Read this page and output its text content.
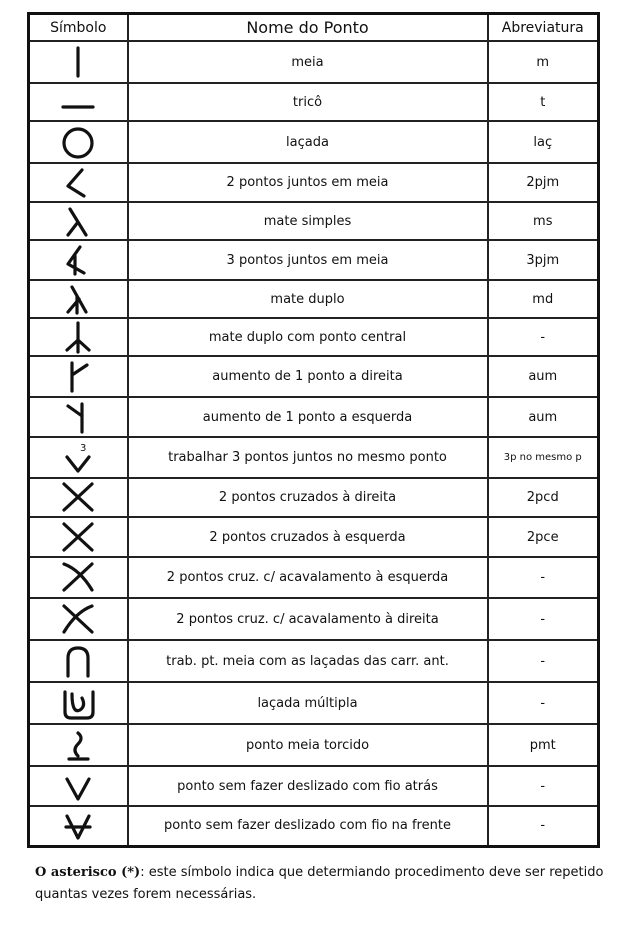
Símbolo	Nome do Ponto	Abreviatura

	meia	m

	tricô	t

	laçada	laç

	2 pontos juntos em meia	2pjm

	mate simples	ms

	3 pontos juntos em meia	3pjm

	mate duplo	md

	mate duplo com ponto central	-

	aumento de 1 ponto a direita	aum

	aumento de 1 ponto a esquerda	aum

3	trabalhar 3 pontos juntos no mesmo ponto	3p no mesmo p

	2 pontos cruzados à direita	2pcd

	2 pontos cruzados à esquerda	2pce

	2 pontos cruz. c/ acavalamento à esquerda	-

	2 pontos cruz. c/ acavalamento à direita	-

	trab. pt. meia com as laçadas das carr. ant.	-

	laçada múltipla	-

	ponto meia torcido	pmt

	ponto sem fazer deslizado com fio atrás	-

	ponto sem fazer deslizado com fio na frente	-
O asterisco (*): este símbolo indica que determiando procedimento deve ser repetido quantas vezes forem necessárias.
